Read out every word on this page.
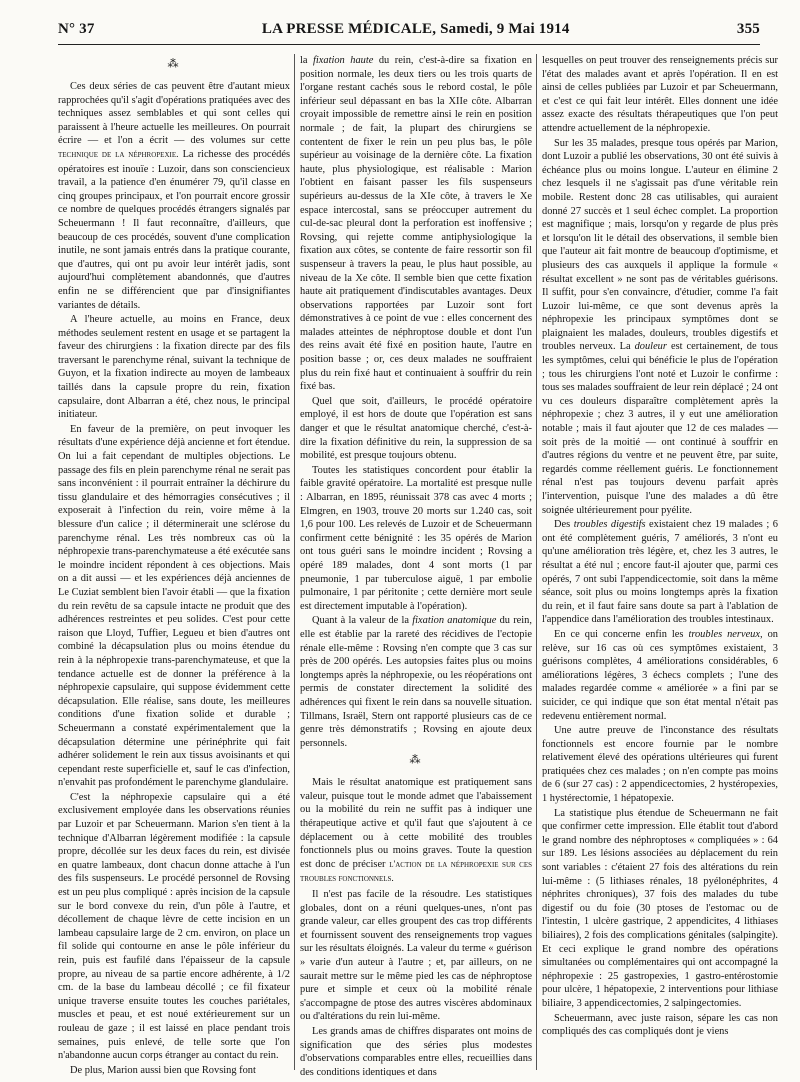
N° 37	LA PRESSE MÉDICALE, Samedi, 9 Mai 1914	355
⁂

Ces deux séries de cas peuvent être d'autant mieux rapprochées qu'il s'agit d'opérations pratiquées avec des techniques assez semblables et qui sont celles qui paraissent à l'heure actuelle les meilleures. On pourrait écrire — et l'on a écrit — des volumes sur cette technique de la néphropexie. La richesse des procédés opératoires est inouïe : Luzoir, dans son consciencieux travail, a la patience d'en énumérer 79, qu'il classe en cinq groupes principaux, et l'on pourrait encore grossir ce nombre de quelques procédés étrangers signalés par Scheuermann ! Il faut reconnaître, d'ailleurs, que beaucoup de ces procédés, souvent d'une complication inutile, ne sont jamais entrés dans la pratique courante, que d'autres, qui ont pu avoir leur intérêt jadis, sont aujourd'hui complètement abandonnés, que d'autres enfin ne se différencient que par d'insignifiantes variantes de détails.

A l'heure actuelle, au moins en France, deux méthodes seulement restent en usage et se partagent la faveur des chirurgiens : la fixation directe par des fils traversant le parenchyme rénal, suivant la technique de Guyon, et la fixation indirecte au moyen de lambeaux taillés dans la capsule propre du rein, fixation capsulaire, dont Albarran a été, chez nous, le principal initiateur.

En faveur de la première, on peut invoquer les résultats d'une expérience déjà ancienne et fort étendue. On lui a fait cependant de multiples objections. Le passage des fils en plein parenchyme rénal ne serait pas sans inconvénient : il pourrait entraîner la déchirure du tissu glandulaire et des hémorragies consécutives ; il exposerait à l'infection du rein, voire même à la blessure d'un calice ; il déterminerait une sclérose du parenchyme rénal. Les très nombreux cas où la néphropexie trans-parenchymateuse a été exécutée sans le moindre incident répondent à ces objections. Mais on a dit aussi — et les expériences déjà anciennes de Le Cuziat semblent bien l'avoir établi — que la fixation du rein revêtu de sa capsule intacte ne produit que des adhérences restreintes et peu solides. C'est pour cette raison que Lloyd, Tuffier, Legueu et bien d'autres ont combiné la décapsulation plus ou moins étendue du rein à la néphropexie trans-parenchymateuse, et que la tendance actuelle est de donner la préférence à la néphropexie capsulaire, qui suppose évidemment cette décapsulation. Elle réalise, sans doute, les meilleures conditions d'une fixation solide et durable ; Scheuermann a constaté expérimentalement que la décapsulation détermine une périnéphrite qui fait adhérer solidement le rein aux tissus avoisinants et qui cependant reste superficielle et, sauf le cas d'infection, n'envahit pas profondément le parenchyme glandulaire.

C'est la néphropexie capsulaire qui a été exclusivement employée dans les observations réunies par Luzoir et par Scheuermann. Marion s'en tient à la technique d'Albarran légèrement modifiée : la capsule propre, décollée sur les deux faces du rein, est divisée en quatre lambeaux, dont chacun donne attache à l'un des fils suspenseurs. Le procédé personnel de Rovsing est un peu plus compliqué : après incision de la capsule sur le bord convexe du rein, d'un pôle à l'autre, et décollement de chaque lèvre de cette incision en un lambeau capsulaire large de 2 cm. environ, on place un fil solide qui contourne en anse le pôle inférieur du rein, puis est faufilé dans l'épaisseur de la capsule propre, au niveau de sa partie encore adhérente, à 1/2 cm. de la base du lambeau décollé ; ce fil fixateur unique traverse ensuite toutes les couches pariétales, muscles et peau, et est noué extérieurement sur un rouleau de gaze ; il est laissé en place pendant trois semaines, puis enlevé, de telle sorte que l'on n'abandonne aucun corps étranger au contact du rein.

De plus, Marion aussi bien que Rovsing font

la fixation haute du rein, c'est-à-dire sa fixation en position normale, les deux tiers ou les trois quarts de l'organe restant cachés sous le rebord costal, le pôle inférieur seul dépassant en bas la XIIe côte. Albarran croyait impossible de remettre ainsi le rein en position normale ; de fait, la plupart des chirurgiens se contentent de fixer le rein un peu plus bas, le pôle supérieur au voisinage de la dernière côte. La fixation haute, plus physiologique, est réalisable : Marion l'obtient en faisant passer les fils suspenseurs supérieurs au-dessus de la XIe côte, à travers le Xe espace intercostal, sans se préoccuper autrement du cul-de-sac pleural dont la perforation est inoffensive ; Rovsing, qui rejette comme antiphysiologique la fixation aux côtes, se contente de faire ressortir son fil suspenseur à travers la peau, le plus haut possible, au niveau de la Xe côte. Il semble bien que cette fixation haute ait pratiquement d'indiscutables avantages. Deux observations rapportées par Luzoir sont fort démonstratives à ce point de vue : elles concernent des malades atteintes de néphroptose double et dont l'un des reins avait été fixé en position haute, l'autre en position basse ; or, ces deux malades ne souffraient plus du rein fixé haut et continuaient à souffrir du rein fixé bas.

Quel que soit, d'ailleurs, le procédé opératoire employé, il est hors de doute que l'opération est sans danger et que le résultat anatomique cherché, c'est-à-dire la fixation définitive du rein, la suppression de sa mobilité, est presque toujours obtenu.

Toutes les statistiques concordent pour établir la faible gravité opératoire. La mortalité est presque nulle : Albarran, en 1895, réunissait 378 cas avec 4 morts ; Elmgren, en 1903, trouve 20 morts sur 1.240 cas, soit 1,6 pour 100. Les relevés de Luzoir et de Scheuermann confirment cette bénignité : les 35 opérés de Marion ont tous guéri sans le moindre incident ; Rovsing a opéré 189 malades, dont 4 sont morts (1 par pneumonie, 1 par tuberculose aiguë, 1 par embolie pulmonaire, 1 par péritonite ; cette dernière mort seule est directement imputable à l'opération).

Quant à la valeur de la fixation anatomique du rein, elle est établie par la rareté des récidives de l'ectopie rénale elle-même : Rovsing n'en compte que 3 cas sur près de 200 opérés. Les autopsies faites plus ou moins longtemps après la néphropexie, ou les réopérations ont permis de constater directement la solidité des adhérences qui fixent le rein dans sa nouvelle situation. Tillmans, Israël, Stern ont rapporté plusieurs cas de ce genre très démonstratifs ; Rovsing en ajoute deux personnels.

⁂

Mais le résultat anatomique est pratiquement sans valeur, puisque tout le monde admet que l'abaissement ou la mobilité du rein ne suffit pas à indiquer une thérapeutique active et qu'il faut que s'ajoutent à ce déplacement ou à cette mobilité des troubles fonctionnels plus ou moins graves. Toute la question est donc de préciser l'action de la néphropexie sur ces troubles fonctionnels.

Il n'est pas facile de la résoudre. Les statistiques globales, dont on a réuni quelques-unes, n'ont pas grande valeur, car elles groupent des cas trop différents et fournissent souvent des renseignements trop vagues sur les résultats éloignés. La valeur du terme « guérison » varie d'un auteur à l'autre ; et, par ailleurs, on ne saurait mettre sur le même pied les cas de néphroptose pure et simple et ceux où la mobilité rénale s'accompagne de ptose des autres viscères abdominaux ou d'altérations du rein lui-même.

Les grands amas de chiffres disparates ont moins de signification que des séries plus modestes d'observations comparables entre elles, recueillies dans des conditions identiques et dans

lesquelles on peut trouver des renseignements précis sur l'état des malades avant et après l'opération. Il en est ainsi de celles publiées par Luzoir et par Scheuermann, et c'est ce qui fait leur intérêt. Elles donnent une idée assez exacte des résultats thérapeutiques que l'on peut attendre actuellement de la néphropexie.

Sur les 35 malades, presque tous opérés par Marion, dont Luzoir a publié les observations, 30 ont été suivis à échéance plus ou moins longue. L'auteur en élimine 2 chez lesquels il ne s'agissait pas d'une véritable rein mobile. Restent donc 28 cas utilisables, qui auraient donné 27 succès et 1 seul échec complet. La proportion est magnifique ; mais, lorsqu'on y regarde de plus près et lorsqu'on lit le détail des observations, il semble bien que l'auteur ait fait montre de beaucoup d'optimisme, et plusieurs des cas auxquels il applique la formule « résultat excellent » ne sont pas de véritables guérisons. Il suffit, pour s'en convaincre, d'étudier, comme l'a fait Luzoir lui-même, ce que sont devenus après la néphropexie les principaux symptômes dont se plaignaient les malades, douleurs, troubles digestifs et troubles nerveux. La douleur est certainement, de tous les symptômes, celui qui bénéficie le plus de l'opération ; tous les chirurgiens l'ont noté et Luzoir le confirme : tous ses malades souffraient de leur rein déplacé ; 24 ont vu ces douleurs disparaître complètement après la néphropexie ; chez 3 autres, il y eut une amélioration notable ; mais il faut ajouter que 12 de ces malades — soit près de la moitié — ont continué à souffrir en d'autres régions du ventre et ne peuvent être, par suite, regardés comme réellement guéris. Le fonctionnement rénal n'est pas toujours devenu parfait après l'intervention, puisque l'une des malades a dû être soignée ultérieurement pour pyélite.

Des troubles digestifs existaient chez 19 malades ; 6 ont été complètement guéris, 7 améliorés, 3 n'ont eu qu'une amélioration très légère, et, chez les 3 autres, le résultat a été nul ; encore faut-il ajouter que, parmi ces opérés, 7 ont subi l'appendicectomie, soit dans la même séance, soit plus ou moins longtemps après la fixation du rein, et il faut faire sans doute sa part à l'ablation de l'appendice dans l'amélioration des troubles intestinaux.

En ce qui concerne enfin les troubles nerveux, on relève, sur 16 cas où ces symptômes existaient, 3 guérisons complètes, 4 améliorations considérables, 6 améliorations légères, 3 échecs complets ; l'une des malades regardée comme « améliorée » a fini par se suicider, ce qui indique que son état mental n'était pas redevenu entièrement normal.

Une autre preuve de l'inconstance des résultats fonctionnels est encore fournie par le nombre relativement élevé des opérations ultérieures qui furent pratiquées chez ces malades ; on n'en compte pas moins de 6 (sur 27 cas) : 2 appendicectomies, 2 hystéropexies, 1 hystérectomie, 1 hépatopexie.

La statistique plus étendue de Scheuermann ne fait que confirmer cette impression. Elle établit tout d'abord le grand nombre des néphroptoses « compliquées » : 64 sur 189. Les lésions associées au déplacement du rein sont variables : c'étaient 27 fois des altérations du rein lui-même : (5 lithiases rénales, 18 pyélonéphrites, 4 néphrites chroniques), 37 fois des malades du tube digestif ou du foie (30 ptoses de l'estomac ou de l'intestin, 1 ulcère gastrique, 2 appendicites, 4 lithiases biliaires), 2 fois des complications génitales (salpingite). Et ceci explique le grand nombre des opérations simultanées ou complémentaires qui ont accompagné la néphropexie : 25 gastropexies, 1 gastro-entérostomie pour ulcère, 1 hépatopexie, 2 interventions pour lithiase biliaire, 3 appendicectomies, 2 salpingectomies.

Scheuermann, avec juste raison, sépare les cas non compliqués des cas compliqués dont je viens
